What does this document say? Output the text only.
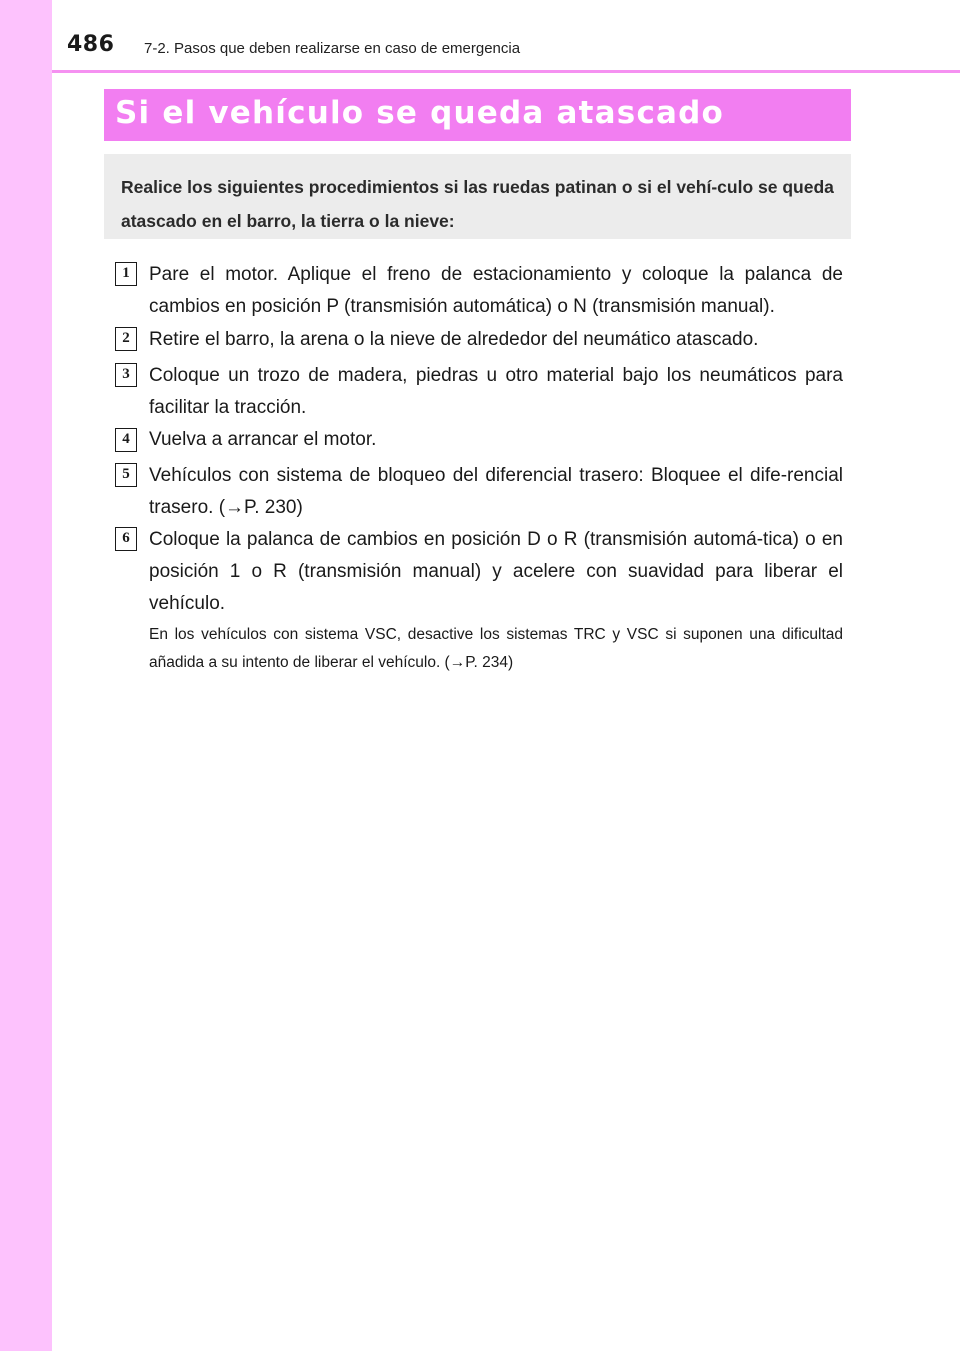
486 7-2. Pasos que deben realizarse en caso de emergencia
Si el vehículo se queda atascado
Realice los siguientes procedimientos si las ruedas patinan o si el vehí-culo se queda atascado en el barro, la tierra o la nieve:
1	Pare el motor. Aplique el freno de estacionamiento y coloque la palanca de cambios en posición P (transmisión automática) o N (transmisión manual).
2	Retire el barro, la arena o la nieve de alrededor del neumático atascado.
3	Coloque un trozo de madera, piedras u otro material bajo los neumáticos para facilitar la tracción.
4	Vuelva a arrancar el motor.
5	Vehículos con sistema de bloqueo del diferencial trasero: Bloquee el dife-rencial trasero. (→P. 230)
6	Coloque la palanca de cambios en posición D o R (transmisión automá-tica) o en posición 1 o R (transmisión manual) y acelere con suavidad para liberar el vehículo.
En los vehículos con sistema VSC, desactive los sistemas TRC y VSC si suponen una dificultad añadida a su intento de liberar el vehículo. (→P. 234)
